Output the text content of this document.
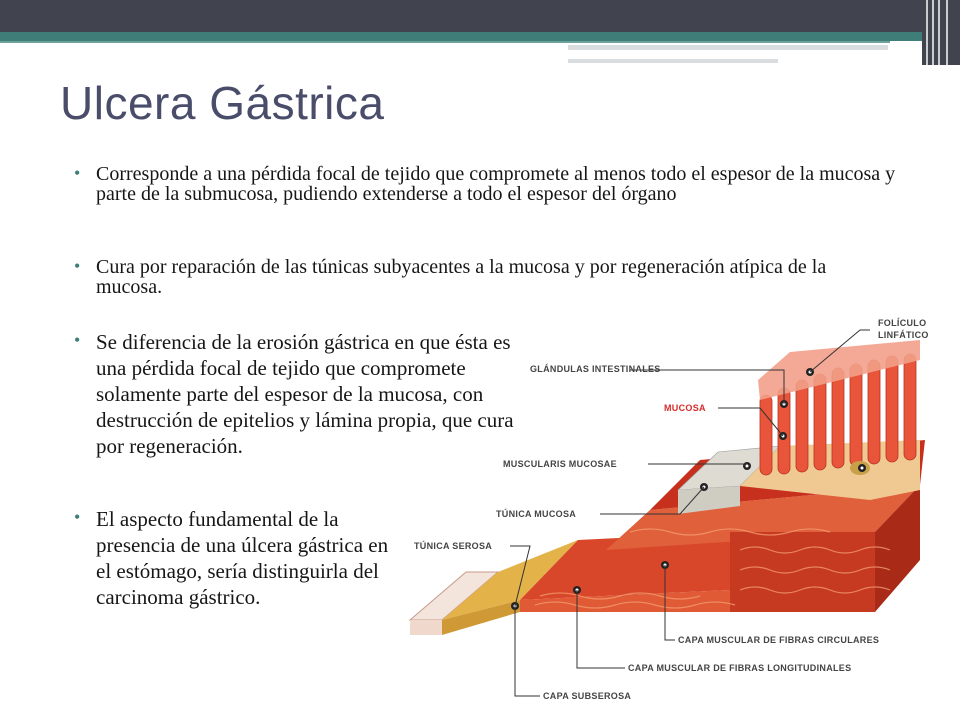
Ulcera Gástrica
• Corresponde a una pérdida focal de tejido que compromete al menos todo el espesor de la mucosa y parte de la submucosa, pudiendo extenderse a todo el espesor del órgano
• Cura por reparación de las túnicas subyacentes a la mucosa y por regeneración atípica de la mucosa.
• Se diferencia de la erosión gástrica en que ésta es una pérdida focal de tejido que compromete solamente parte del espesor de la mucosa, con destrucción de epitelios y lámina propia, que cura por regeneración.
• El aspecto fundamental de la presencia de una úlcera gástrica en el estómago, sería distinguirla del carcinoma gástrico.
FOLÍCULO
LINFÁTICO
GLÁNDULAS INTESTINALES
MUCOSA
MUSCULARIS MUCOSAE
TÚNICA MUCOSA
TÚNICA SEROSA
CAPA MUSCULAR DE FIBRAS CIRCULARES
CAPA MUSCULAR DE FIBRAS LONGITUDINALES
CAPA SUBSEROSA
